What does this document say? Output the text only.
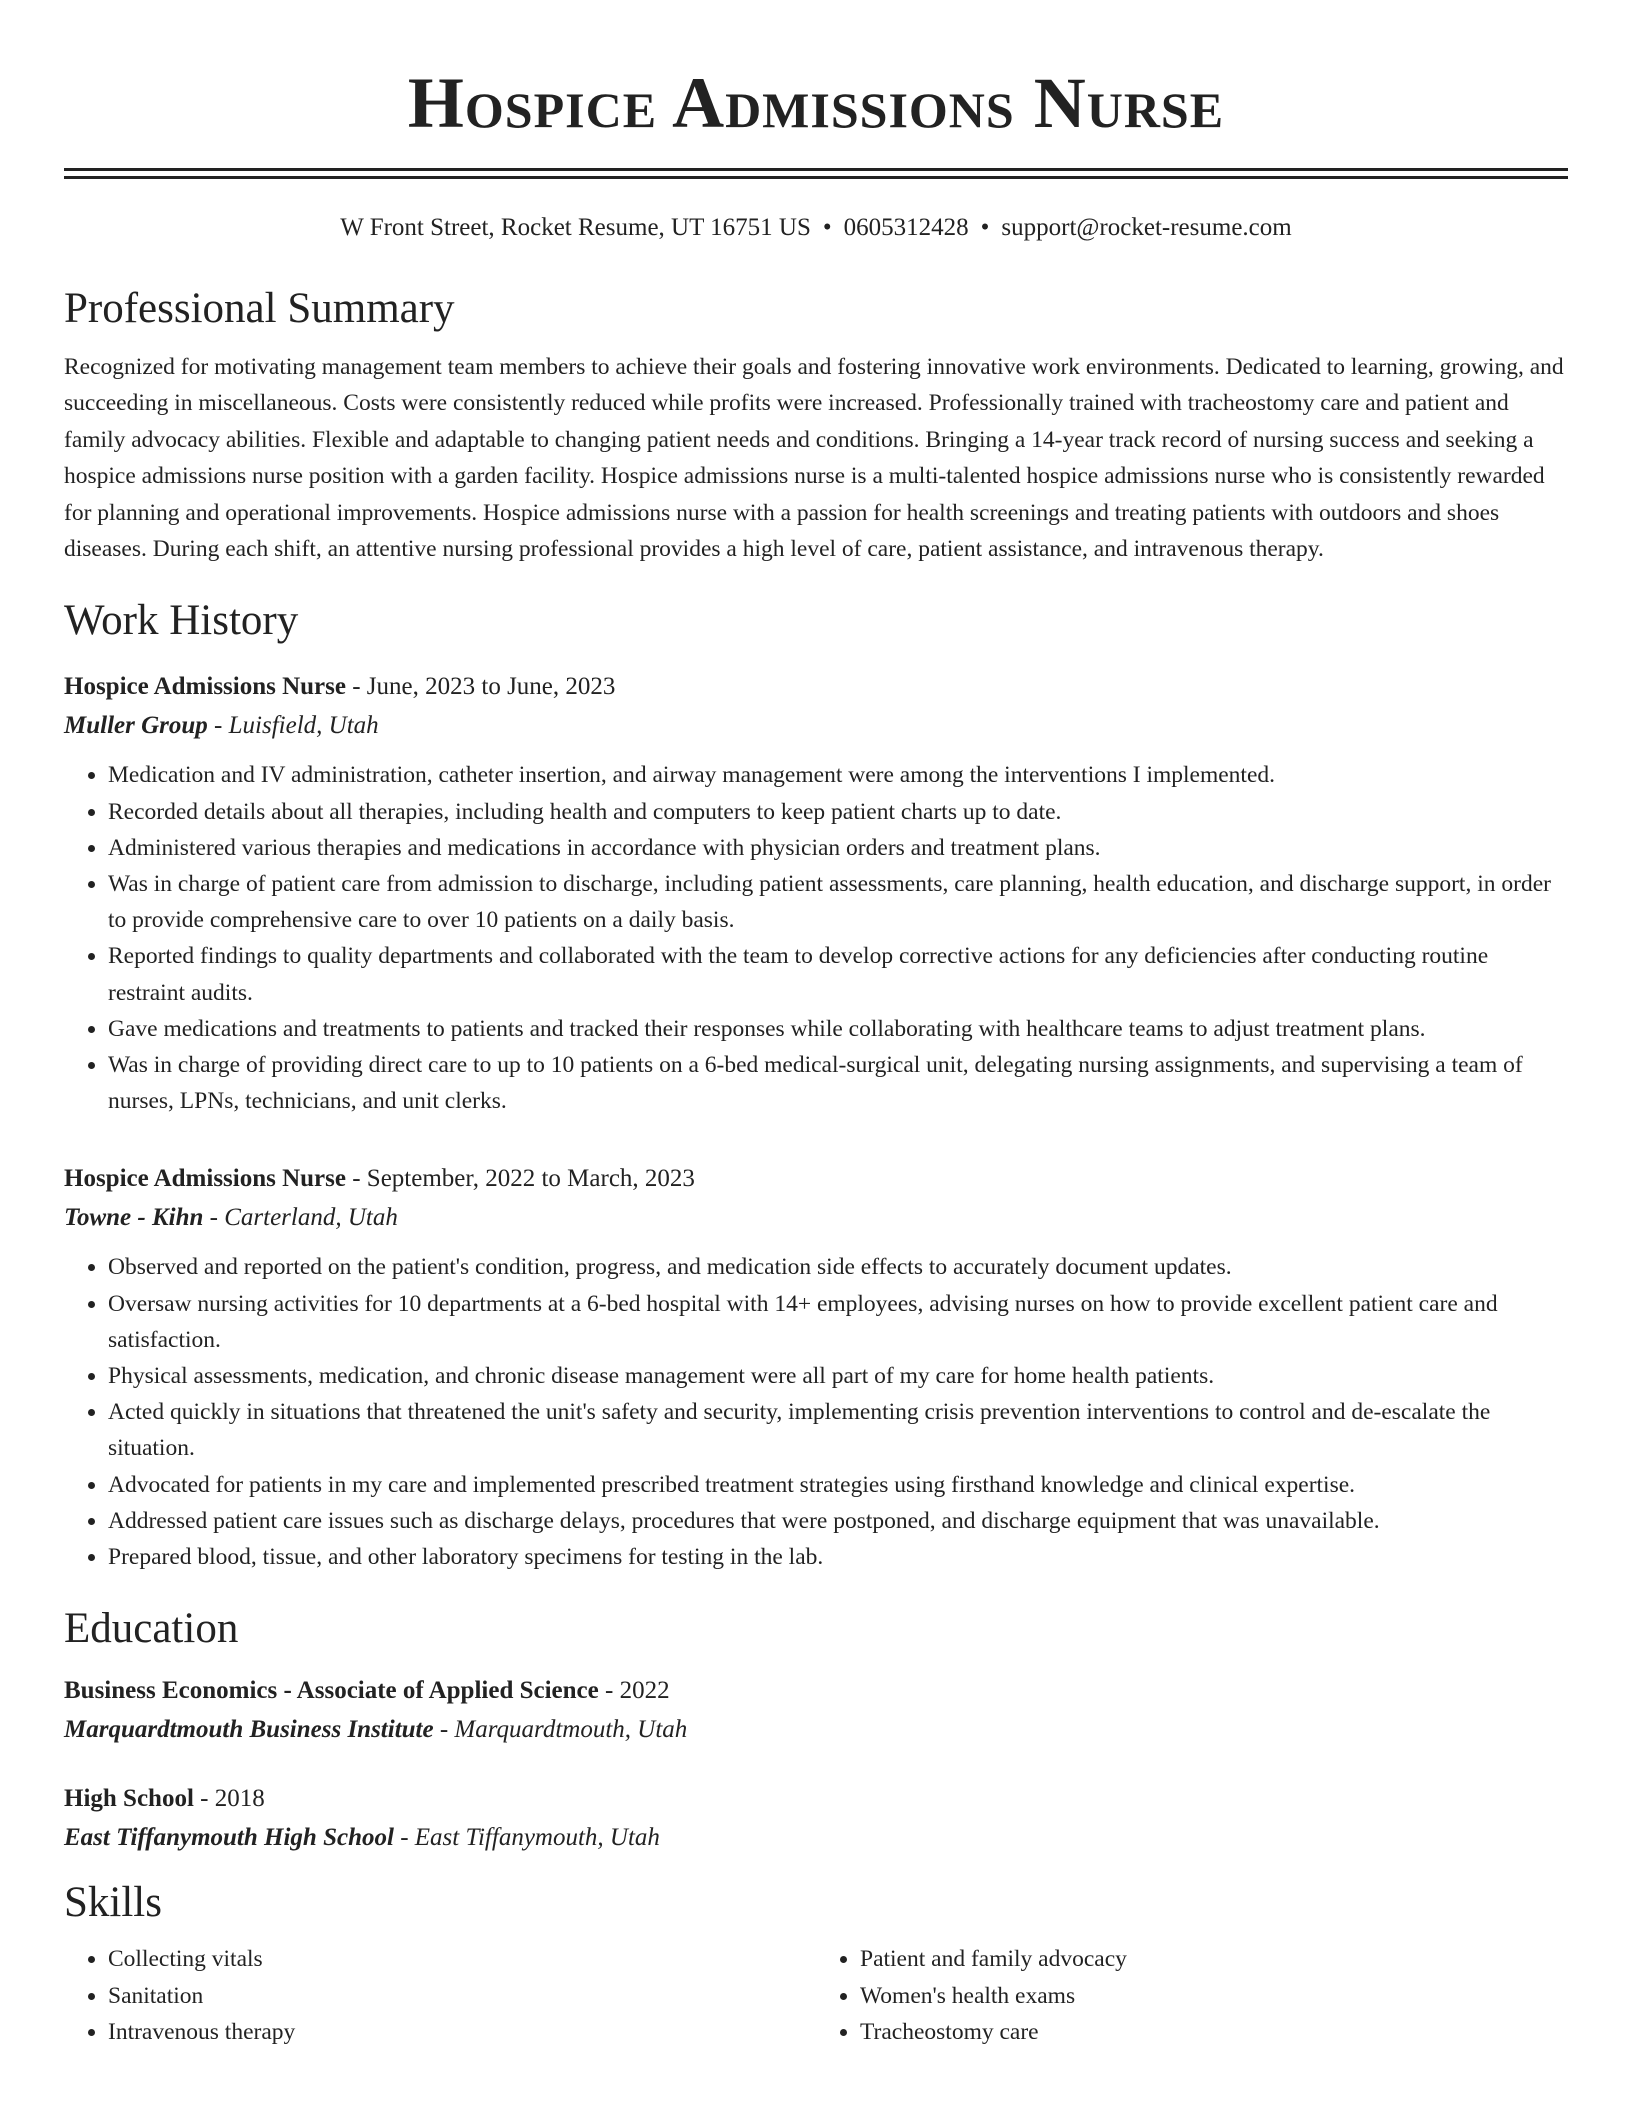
Hospice Admissions Nurse
W Front Street, Rocket Resume, UT 16751 US • 0605312428 • support@rocket-resume.com
Professional Summary
Recognized for motivating management team members to achieve their goals and fostering innovative work environments. Dedicated to learning, growing, and succeeding in miscellaneous. Costs were consistently reduced while profits were increased. Professionally trained with tracheostomy care and patient and family advocacy abilities. Flexible and adaptable to changing patient needs and conditions. Bringing a 14-year track record of nursing success and seeking a hospice admissions nurse position with a garden facility. Hospice admissions nurse is a multi-talented hospice admissions nurse who is consistently rewarded for planning and operational improvements. Hospice admissions nurse with a passion for health screenings and treating patients with outdoors and shoes diseases. During each shift, an attentive nursing professional provides a high level of care, patient assistance, and intravenous therapy.
Work History
Hospice Admissions Nurse - June, 2023 to June, 2023
Muller Group - Luisfield, Utah
• Medication and IV administration, catheter insertion, and airway management were among the interventions I implemented.
• Recorded details about all therapies, including health and computers to keep patient charts up to date.
• Administered various therapies and medications in accordance with physician orders and treatment plans.
• Was in charge of patient care from admission to discharge, including patient assessments, care planning, health education, and discharge support, in order to provide comprehensive care to over 10 patients on a daily basis.
• Reported findings to quality departments and collaborated with the team to develop corrective actions for any deficiencies after conducting routine restraint audits.
• Gave medications and treatments to patients and tracked their responses while collaborating with healthcare teams to adjust treatment plans.
• Was in charge of providing direct care to up to 10 patients on a 6-bed medical-surgical unit, delegating nursing assignments, and supervising a team of nurses, LPNs, technicians, and unit clerks.
Hospice Admissions Nurse - September, 2022 to March, 2023
Towne - Kihn - Carterland, Utah
• Observed and reported on the patient's condition, progress, and medication side effects to accurately document updates.
• Oversaw nursing activities for 10 departments at a 6-bed hospital with 14+ employees, advising nurses on how to provide excellent patient care and satisfaction.
• Physical assessments, medication, and chronic disease management were all part of my care for home health patients.
• Acted quickly in situations that threatened the unit's safety and security, implementing crisis prevention interventions to control and de-escalate the situation.
• Advocated for patients in my care and implemented prescribed treatment strategies using firsthand knowledge and clinical expertise.
• Addressed patient care issues such as discharge delays, procedures that were postponed, and discharge equipment that was unavailable.
• Prepared blood, tissue, and other laboratory specimens for testing in the lab.
Education
Business Economics - Associate of Applied Science - 2022
Marquardtmouth Business Institute - Marquardtmouth, Utah
High School - 2018
East Tiffanymouth High School - East Tiffanymouth, Utah
Skills
• Collecting vitals
• Sanitation
• Intravenous therapy
• Patient and family advocacy
• Women's health exams
• Tracheostomy care
